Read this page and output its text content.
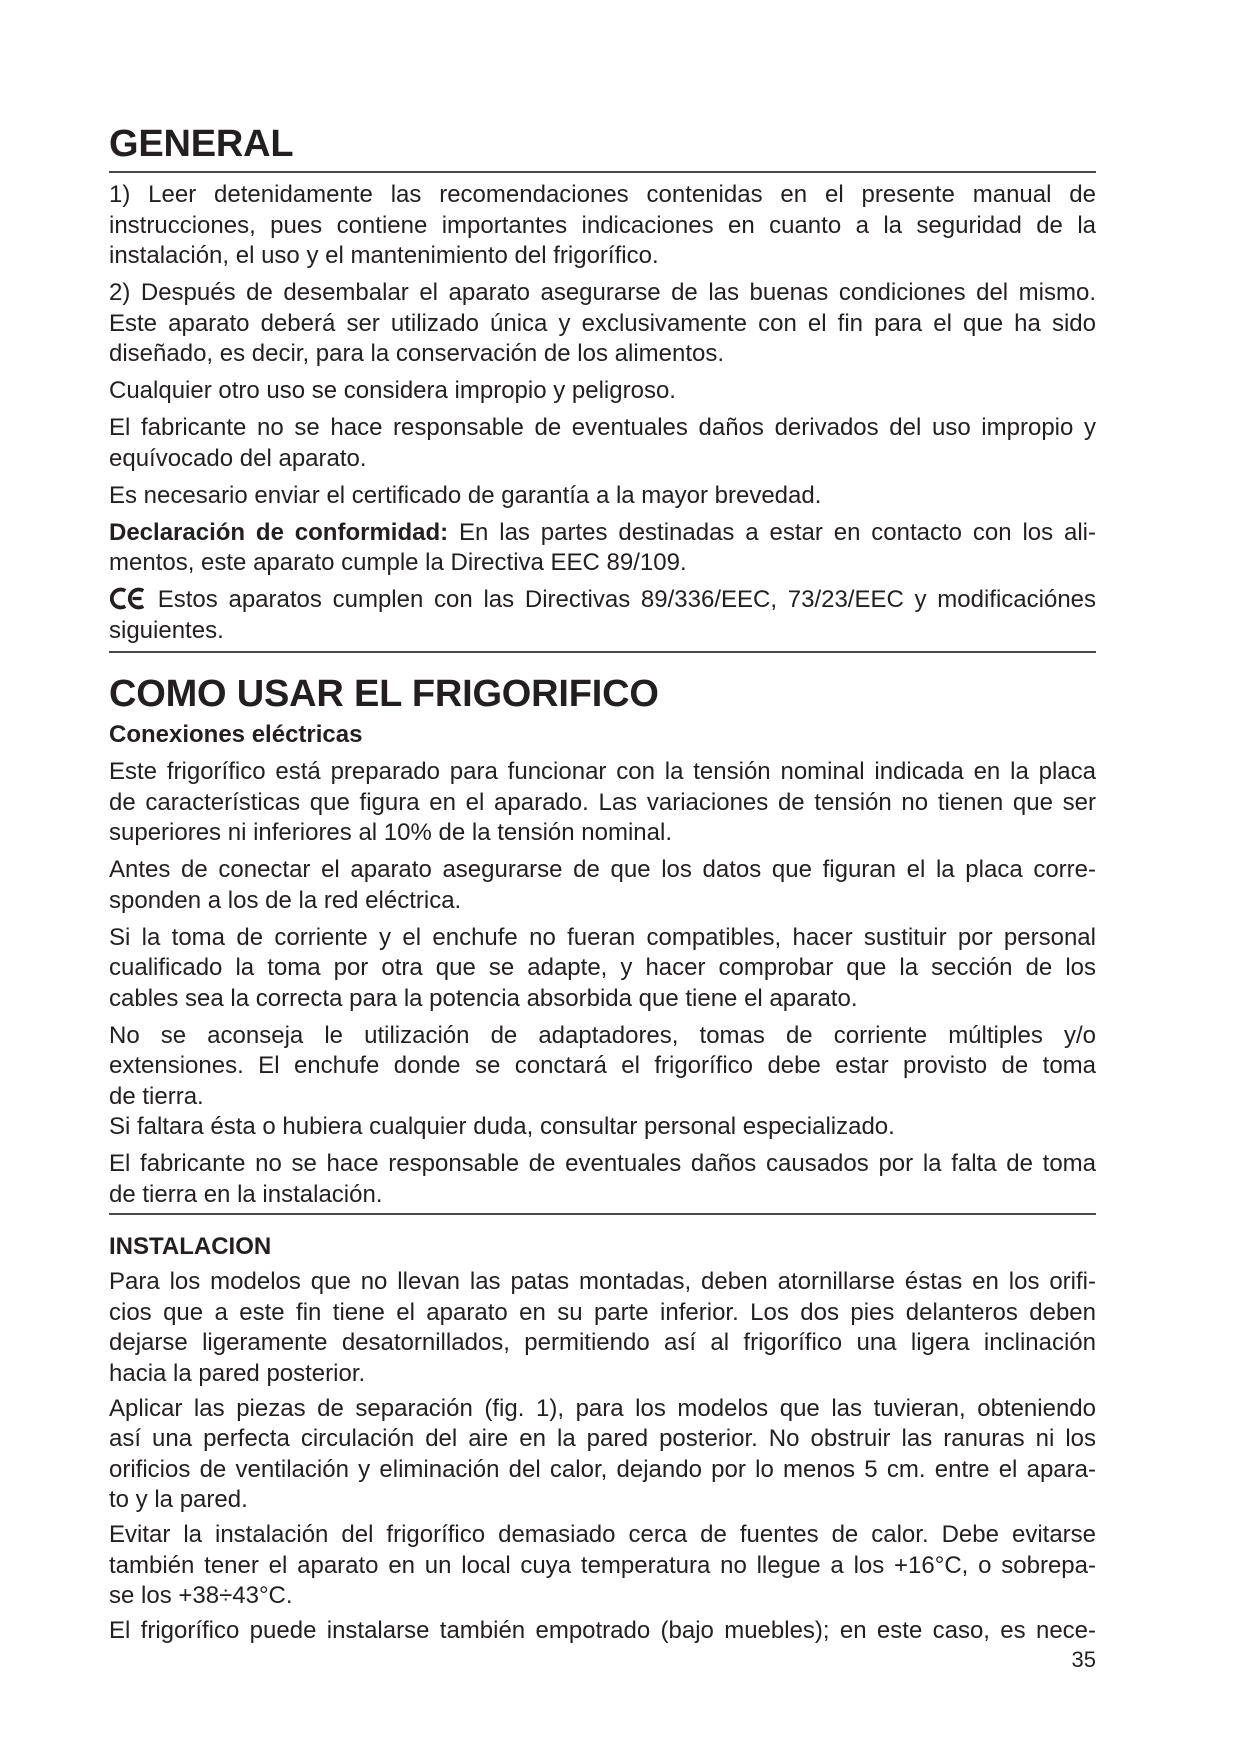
GENERAL
1) Leer detenidamente las recomendaciones contenidas en el presente manual de
instrucciones, pues contiene importantes indicaciones en cuanto a la seguridad de la
instalación, el uso y el mantenimiento del frigorífico.
2) Después de desembalar el aparato asegurarse de las buenas condiciones del mismo.
Este aparato deberá ser utilizado única y exclusivamente con el fin para el que ha sido
diseñado, es decir, para la conservación de los alimentos.
Cualquier otro uso se considera impropio y peligroso.
El fabricante no se hace responsable de eventuales daños derivados del uso impropio y
equívocado del aparato.
Es necesario enviar el certificado de garantía a la mayor brevedad.
Declaración de conformidad: En las partes destinadas a estar en contacto con los ali-
mentos, este aparato cumple la Directiva EEC 89/109.
Estos aparatos cumplen con las Directivas 89/336/EEC, 73/23/EEC y modificaciónes
siguientes.
COMO USAR EL FRIGORIFICO
Conexiones eléctricas
Este frigorífico está preparado para funcionar con la tensión nominal indicada en la placa
de características que figura en el aparado. Las variaciones de tensión no tienen que ser
superiores ni inferiores al 10% de la tensión nominal.
Antes de conectar el aparato asegurarse de que los datos que figuran el la placa corre-
sponden a los de la red eléctrica.
Si la toma de corriente y el enchufe no fueran compatibles, hacer sustituir por personal
cualificado la toma por otra que se adapte, y hacer comprobar que la sección de los
cables sea la correcta para la potencia absorbida que tiene el aparato.
No se aconseja le utilización de adaptadores, tomas de corriente múltiples y/o
extensiones. El enchufe donde se conctará el frigorífico debe estar provisto de toma
de tierra.
Si faltara ésta o hubiera cualquier duda, consultar personal especializado.
El fabricante no se hace responsable de eventuales daños causados por la falta de toma
de tierra en la instalación.
INSTALACION
Para los modelos que no llevan las patas montadas, deben atornillarse éstas en los orifi-
cios que a este fin tiene el aparato en su parte inferior. Los dos pies delanteros deben
dejarse ligeramente desatornillados, permitiendo así al frigorífico una ligera inclinación
hacia la pared posterior.
Aplicar las piezas de separación (fig. 1), para los modelos que las tuvieran, obteniendo
así una perfecta circulación del aire en la pared posterior. No obstruir las ranuras ni los
orificios de ventilación y eliminación del calor, dejando por lo menos 5 cm. entre el apara-
to y la pared.
Evitar la instalación del frigorífico demasiado cerca de fuentes de calor. Debe evitarse
también tener el aparato en un local cuya temperatura no llegue a los +16°C, o sobrepa-
se los +38÷43°C.
El frigorífico puede instalarse también empotrado (bajo muebles); en este caso, es nece-
35
